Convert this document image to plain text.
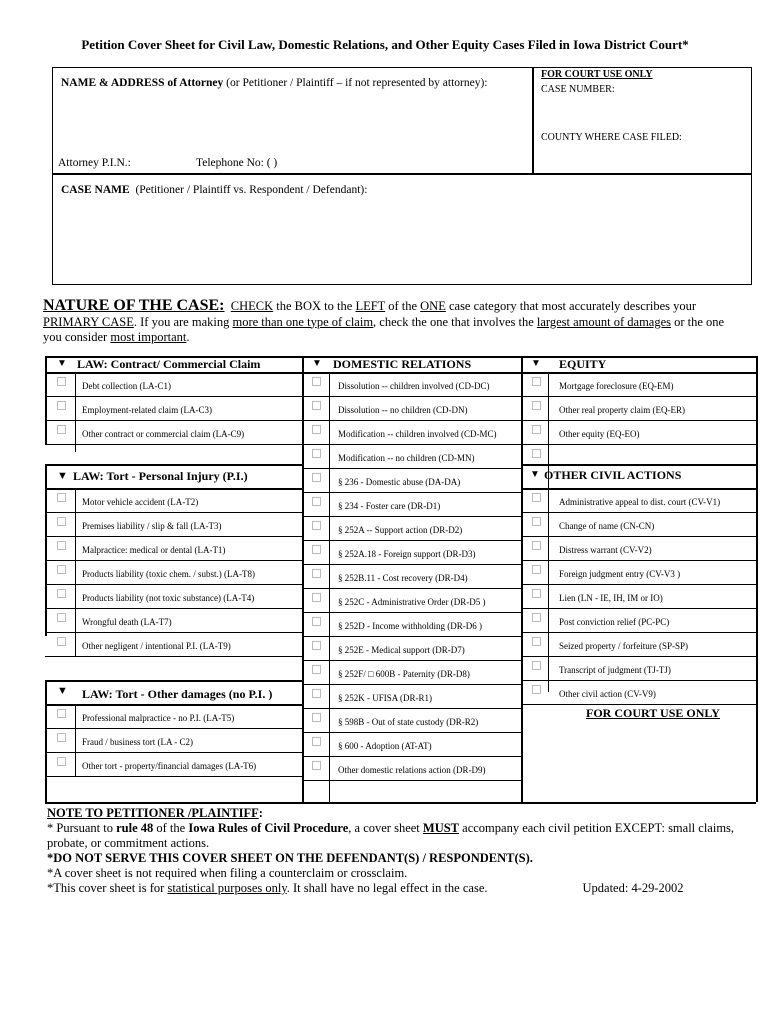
Petition Cover Sheet for Civil Law, Domestic Relations, and Other Equity Cases Filed in Iowa District Court*
NAME & ADDRESS of Attorney (or Petitioner / Plaintiff – if not represented by attorney):
Attorney P.I.N.:	Telephone No: ( )
FOR COURT USE ONLY
CASE NUMBER:
COUNTY WHERE CASE FILED:
CASE NAME (Petitioner / Plaintiff vs. Respondent / Defendant):
NATURE OF THE CASE: CHECK the BOX to the LEFT of the ONE case category that most accurately describes your PRIMARY CASE. If you are making more than one type of claim, check the one that involves the largest amount of damages or the one you consider most important.
▼ LAW: Contract/ Commercial Claim	▼ DOMESTIC RELATIONS	▼ EQUITY
Debt collection (LA-C1)
Employment-related claim (LA-C3)
Other contract or commercial claim (LA-C9)
Mortgage foreclosure (EQ-EM)
Other real property claim (EQ-ER)
Other equity (EQ-EO)
Dissolution -- children involved (CD-DC)
Dissolution -- no children (CD-DN)
Modification -- children involved (CD-MC)
Modification -- no children (CD-MN)
§ 236 - Domestic abuse (DA-DA)
§ 234 - Foster care (DR-D1)
§ 252A -- Support action (DR-D2)
§ 252A.18 - Foreign support (DR-D3)
§ 252B.11 - Cost recovery (DR-D4)
§ 252C - Administrative Order (DR-D5 )
§ 252D - Income withholding (DR-D6 )
§ 252E - Medical support (DR-D7)
§ 252F/ □ 600B - Paternity (DR-D8)
§ 252K - UFISA (DR-R1)
§ 598B - Out of state custody (DR-R2)
§ 600 - Adoption (AT-AT)
Other domestic relations action (DR-D9)
▼ LAW: Tort - Personal Injury (P.I.)	▼ OTHER CIVIL ACTIONS
Motor vehicle accident (LA-T2)
Premises liability / slip & fall (LA-T3)
Malpractice: medical or dental (LA-T1)
Products liability (toxic chem. / subst.) (LA-T8)
Products liability (not toxic substance) (LA-T4)
Wrongful death (LA-T7)
Other negligent / intentional P.I. (LA-T9)
Administrative appeal to dist. court (CV-V1)
Change of name (CN-CN)
Distress warrant (CV-V2)
Foreign judgment entry (CV-V3 )
Lien (LN - IE, IH, IM or IO)
Post conviction relief (PC-PC)
Seized property / forfeiture (SP-SP)
Transcript of judgment (TJ-TJ)
Other civil action (CV-V9)
▼ LAW: Tort - Other damages (no P.I. )
Professional malpractice - no P.I. (LA-T5)
Fraud / business tort (LA - C2)
Other tort - property/financial damages (LA-T6)
FOR COURT USE ONLY
NOTE TO PETITIONER /PLAINTIFF:
* Pursuant to rule 48 of the Iowa Rules of Civil Procedure, a cover sheet MUST accompany each civil petition EXCEPT: small claims, probate, or commitment actions.
*DO NOT SERVE THIS COVER SHEET ON THE DEFENDANT(S) / RESPONDENT(S).
*A cover sheet is not required when filing a counterclaim or crossclaim.
*This cover sheet is for statistical purposes only. It shall have no legal effect in the case.	Updated: 4-29-2002
